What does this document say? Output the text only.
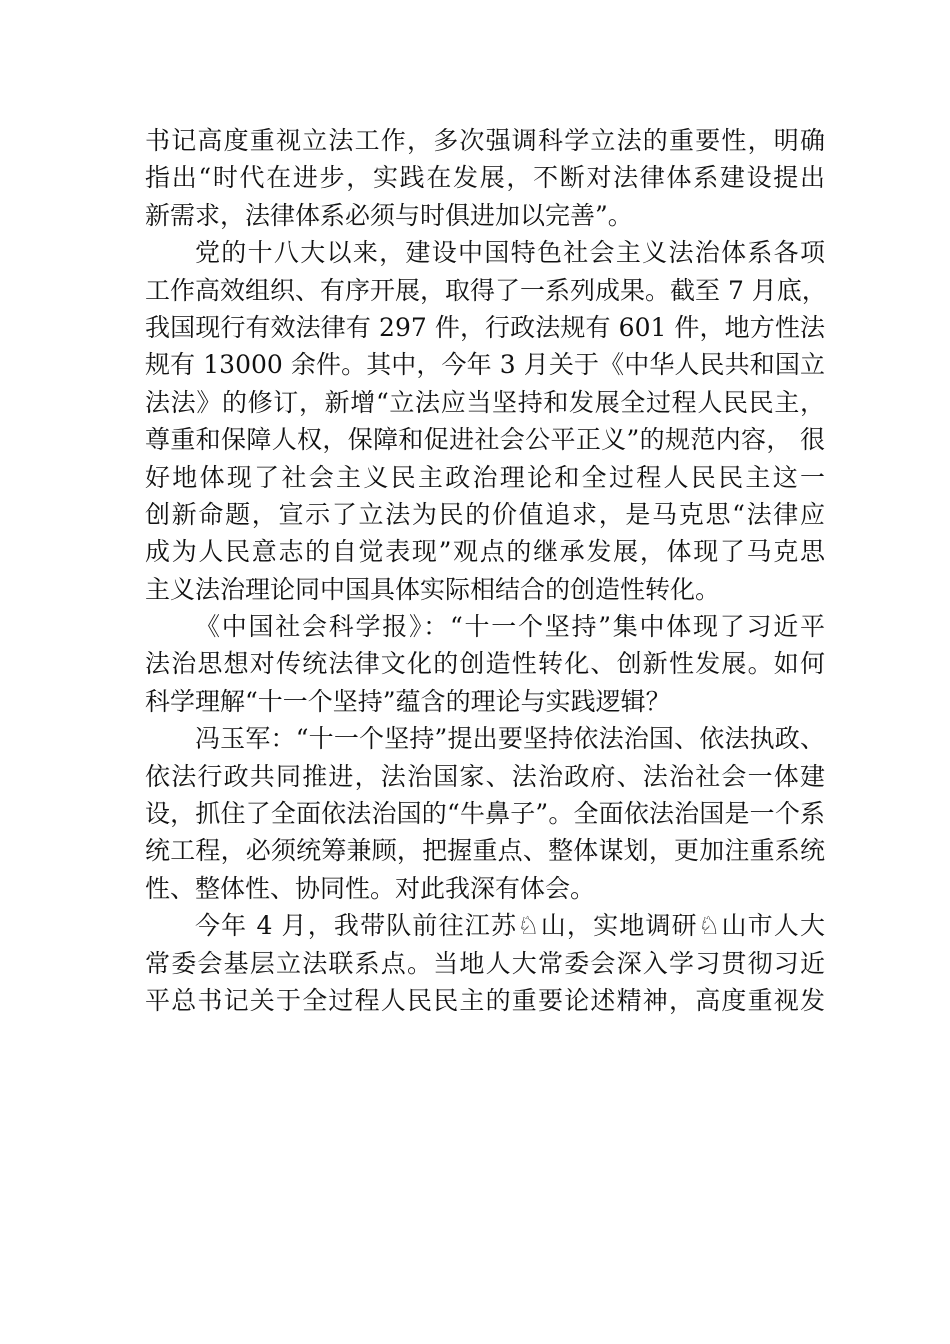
书记高度重视立法工作，多次强调科学立法的重要性，明确
指出“时代在进步，实践在发展，不断对法律体系建设提出
新需求，法律体系必须与时俱进加以完善”。
党的十八大以来，建设中国特色社会主义法治体系各项
工作高效组织、有序开展，取得了一系列成果。截至 7 月底，
我国现行有效法律有 297 件，行政法规有 601 件，地方性法
规有 13000 余件。其中，今年 3 月关于《中华人民共和国立
法法》的修订，新增“立法应当坚持和发展全过程人民民主，
尊重和保障人权，保障和促进社会公平正义”的规范内容， 很
好地体现了社会主义民主政治理论和全过程人民民主这一
创新命题，宣示了立法为民的价值追求，是马克思“法律应
成为人民意志的自觉表现”观点的继承发展，体现了马克思
主义法治理论同中国具体实际相结合的创造性转化。
《中国社会科学报》：“十一个坚持”集中体现了习近平
法治思想对传统法律文化的创造性转化、创新性发展。如何
科学理解“十一个坚持”蕴含的理论与实践逻辑？
冯玉军：“十一个坚持”提出要坚持依法治国、依法执政、
依法行政共同推进，法治国家、法治政府、法治社会一体建
设，抓住了全面依法治国的“牛鼻子”。全面依法治国是一个系
统工程，必须统筹兼顾，把握重点、整体谋划，更加注重系统
性、整体性、协同性。对此我深有体会。
今年 4 月，我带队前往江苏♘山，实地调研♘山市人大
常委会基层立法联系点。当地人大常委会深入学习贯彻习近
平总书记关于全过程人民民主的重要论述精神，高度重视发
